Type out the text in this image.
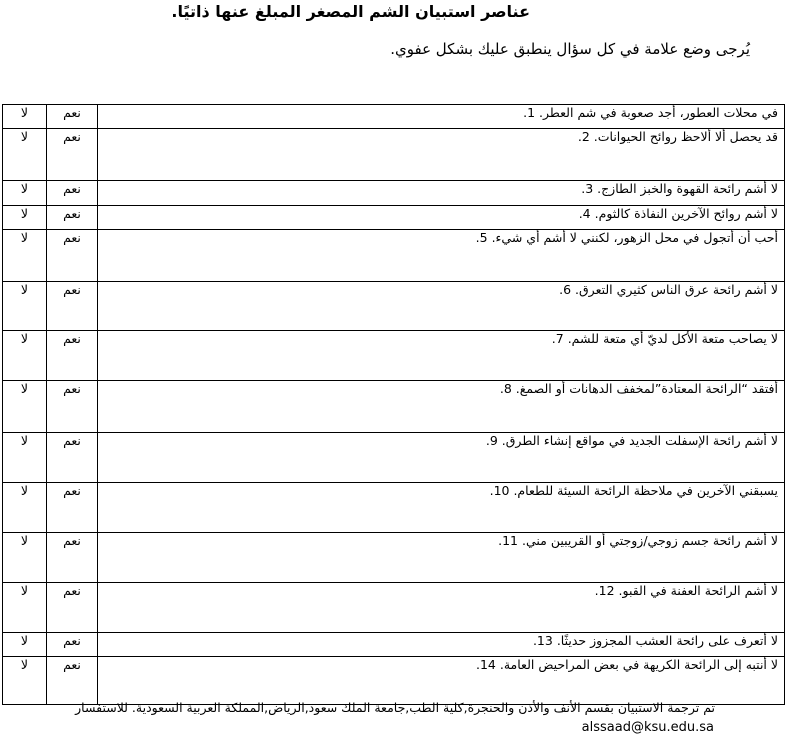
عناصر استبيان الشم المصغر المبلغ عنها ذاتيًا.
يُرجى وضع علامة في كل سؤال ينطبق عليك بشكل عفوي.
لا	نعم	في محلات العطور، أجد صعوبة في شم العطر. 1.
لا	نعم	قد يحصل ألا ألاحظ روائح الحيوانات. 2.
لا	نعم	لا أشم رائحة القهوة والخبز الطازج. 3.
لا	نعم	لا أشم روائح الآخرين النفاذة كالثوم. 4.
لا	نعم	أحب أن أتجول في محل الزهور، لكنني لا أشم أي شيء. 5.
لا	نعم	لا أشم رائحة عرق الناس كثيري التعرق. 6.
لا	نعم	لا يصاحب متعة الأكل لديّ أي متعة للشم. 7.
لا	نعم	أفتقد “الرائحة المعتادة”لمخفف الدهانات أو الصمغ. 8.
لا	نعم	لا أشم رائحة الإسفلت الجديد في مواقع إنشاء الطرق. 9.
لا	نعم	يسبقني الآخرين في ملاحظة الرائحة السيئة للطعام. 10.
لا	نعم	لا أشم رائحة جسم زوجي/زوجتي أو القريبين مني. 11.
لا	نعم	لا أشم الرائحة العفنة في القبو. 12.
لا	نعم	لا أتعرف على رائحة العشب المجزوز حديثًا. 13.
لا	نعم	لا أنتبه إلى الرائحة الكريهة في بعض المراحيض العامة. 14.
تم ترجمة الاستبيان بقسم الأنف والأذن والحنجرة,كلية الطب,جامعة الملك سعود,الرياض,المملكة العربية السعودية. للاستفسار
alssaad@ksu.edu.sa
